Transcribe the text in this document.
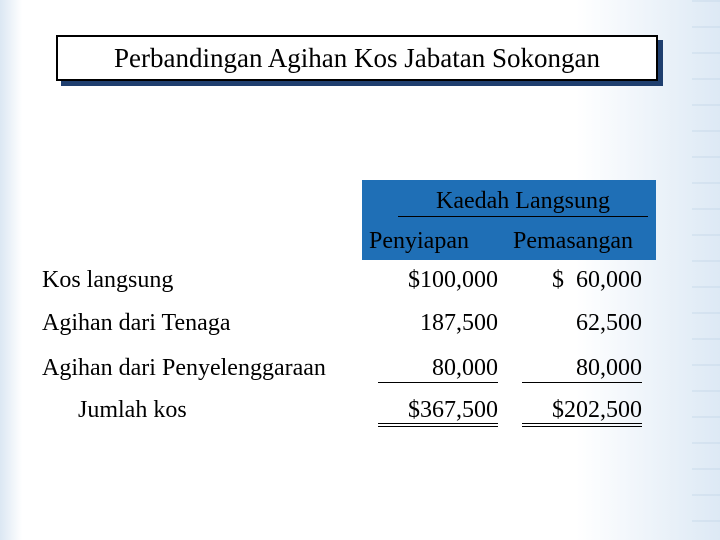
Perbandingan Agihan Kos Jabatan Sokongan
Kaedah Langsung
Penyiapan Pemasangan
Kos langsung	$100,000	$  60,000
Agihan dari Tenaga	187,500	62,500
Agihan dari Penyelenggaraan	80,000	80,000
Jumlah kos	$367,500	$202,500
